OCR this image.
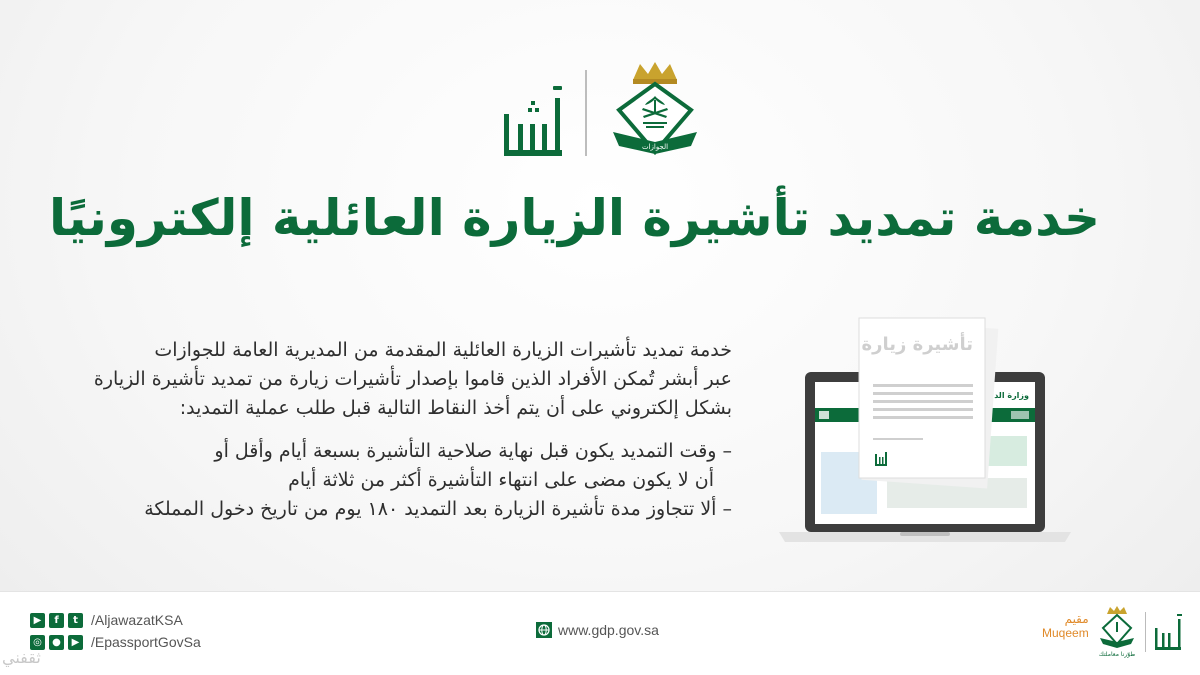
الجوازات
خدمة تمديد تأشيرة الزيارة العائلية إلكترونيًا

خدمة تمديد تأشيرات الزيارة العائلية المقدمة من المديرية العامة للجوازات

عبر أبشر تُمكن الأفراد الذين قاموا بإصدار تأشيرات زيارة من تمديد تأشيرة الزيارة

بشكل إلكتروني على أن يتم أخذ النقاط التالية قبل طلب عملية التمديد:

– وقت التمديد يكون قبل نهاية صلاحية التأشيرة بسبعة أيام وأقل أو

أن لا يكون مضى على انتهاء التأشيرة أكثر من ثلاثة أيام

– ألا تتجاوز مدة تأشيرة الزيارة بعد التمديد ١٨٠ يوم من تاريخ دخول المملكة

وزارة الد
تأشيرة زيارة
▶	f	t /AljawazatKSA
◎	●	▶ /EpassportGovSa
www.gdp.gov.sa
مقيم
Muqeem
طوّرنا معاملتك
ثقفني
